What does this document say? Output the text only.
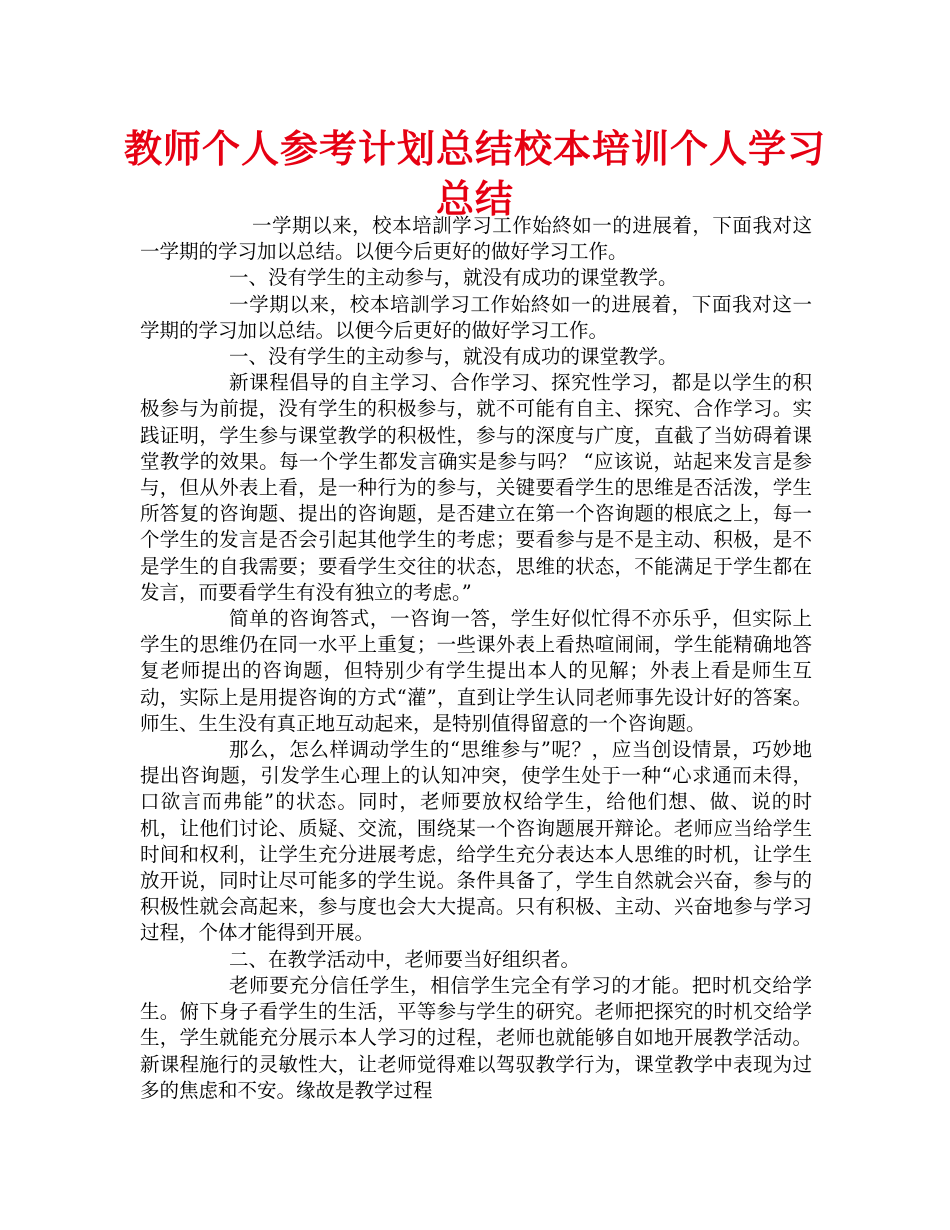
教师个人参考计划总结校本培训个人学习总结

一学期以来，校本培訓学习工作始終如一的进展着，下面我对这一学期的学习加以总结。以便今后更好的做好学习工作。

一、没有学生的主动参与，就没有成功的课堂教学。

一学期以来，校本培訓学习工作始終如一的进展着，下面我对这一学期的学习加以总结。以便今后更好的做好学习工作。

一、没有学生的主动参与，就没有成功的课堂教学。

新课程倡导的自主学习、合作学习、探究性学习，都是以学生的积极参与为前提，没有学生的积极参与，就不可能有自主、探究、合作学习。实践证明，学生参与课堂教学的积极性，参与的深度与广度，直截了当妨碍着课堂教学的效果。每一个学生都发言确实是参与吗？ “应该说，站起来发言是参与，但从外表上看，是一种行为的参与，关键要看学生的思维是否活泼，学生所答复的咨询题、提出的咨询题，是否建立在第一个咨询题的根底之上，每一个学生的发言是否会引起其他学生的考虑；要看参与是不是主动、积极，是不是学生的自我需要；要看学生交往的状态，思维的状态，不能满足于学生都在发言，而要看学生有没有独立的考虑。”

简单的咨询答式，一咨询一答，学生好似忙得不亦乐乎，但实际上学生的思维仍在同一水平上重复；一些课外表上看热喧闹闹，学生能精确地答复老师提出的咨询题，但特别少有学生提出本人的见解；外表上看是师生互动，实际上是用提咨询的方式“灌”，直到让学生认同老师事先设计好的答案。师生、生生没有真正地互动起来，是特别值得留意的一个咨询题。

那么，怎么样调动学生的“思维参与”呢？，应当创设情景，巧妙地提出咨询题，引发学生心理上的认知冲突，使学生处于一种“心求通而未得，口欲言而弗能”的状态。同时，老师要放权给学生，给他们想、做、说的时机，让他们讨论、质疑、交流，围绕某一个咨询题展开辩论。老师应当给学生时间和权利，让学生充分进展考虑，给学生充分表达本人思维的时机，让学生放开说，同时让尽可能多的学生说。条件具备了，学生自然就会兴奋，参与的积极性就会高起来，参与度也会大大提高。只有积极、主动、兴奋地参与学习过程，个体才能得到开展。

二、在教学活动中，老师要当好组织者。

老师要充分信任学生，相信学生完全有学习的才能。把时机交给学生。俯下身子看学生的生活，平等参与学生的研究。老师把探究的时机交给学生，学生就能充分展示本人学习的过程，老师也就能够自如地开展教学活动。新课程施行的灵敏性大，让老师觉得难以驾驭教学行为，课堂教学中表现为过多的焦虑和不安。缘故是教学过程
